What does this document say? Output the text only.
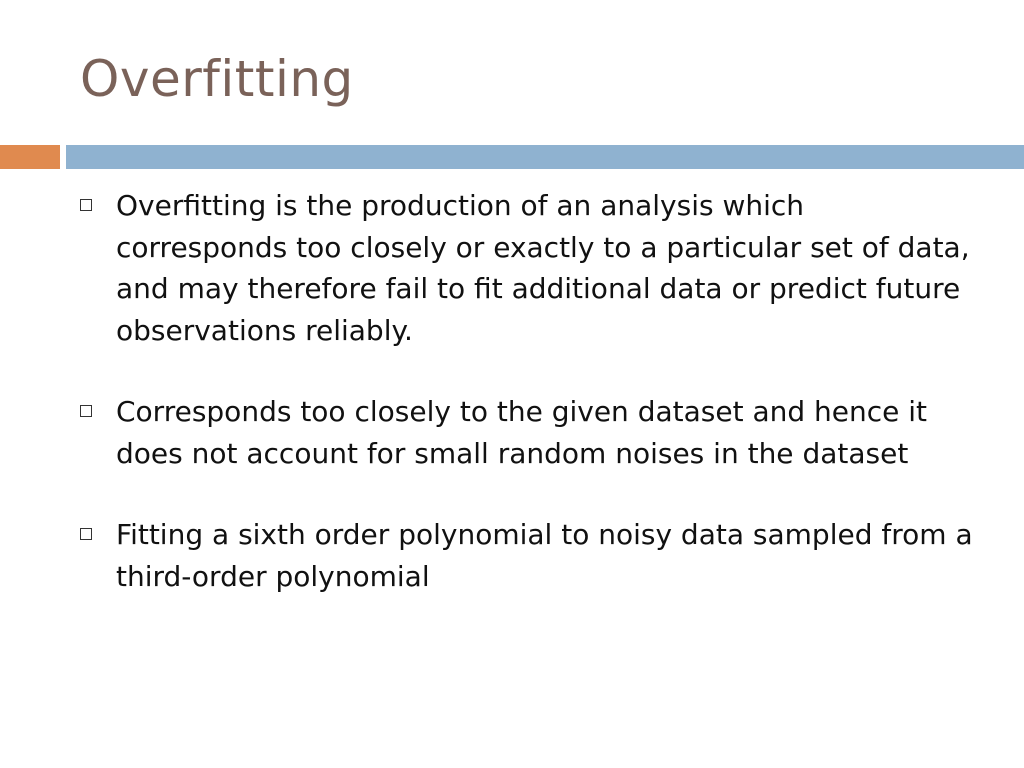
Overfitting
Overfitting is the production of an analysis which corresponds too closely or exactly to a particular set of data, and may therefore fail to fit additional data or predict future observations reliably.
Corresponds too closely to the given dataset and hence it does not account for small random noises in the dataset
Fitting a sixth order polynomial to noisy data sampled from a third-order polynomial
